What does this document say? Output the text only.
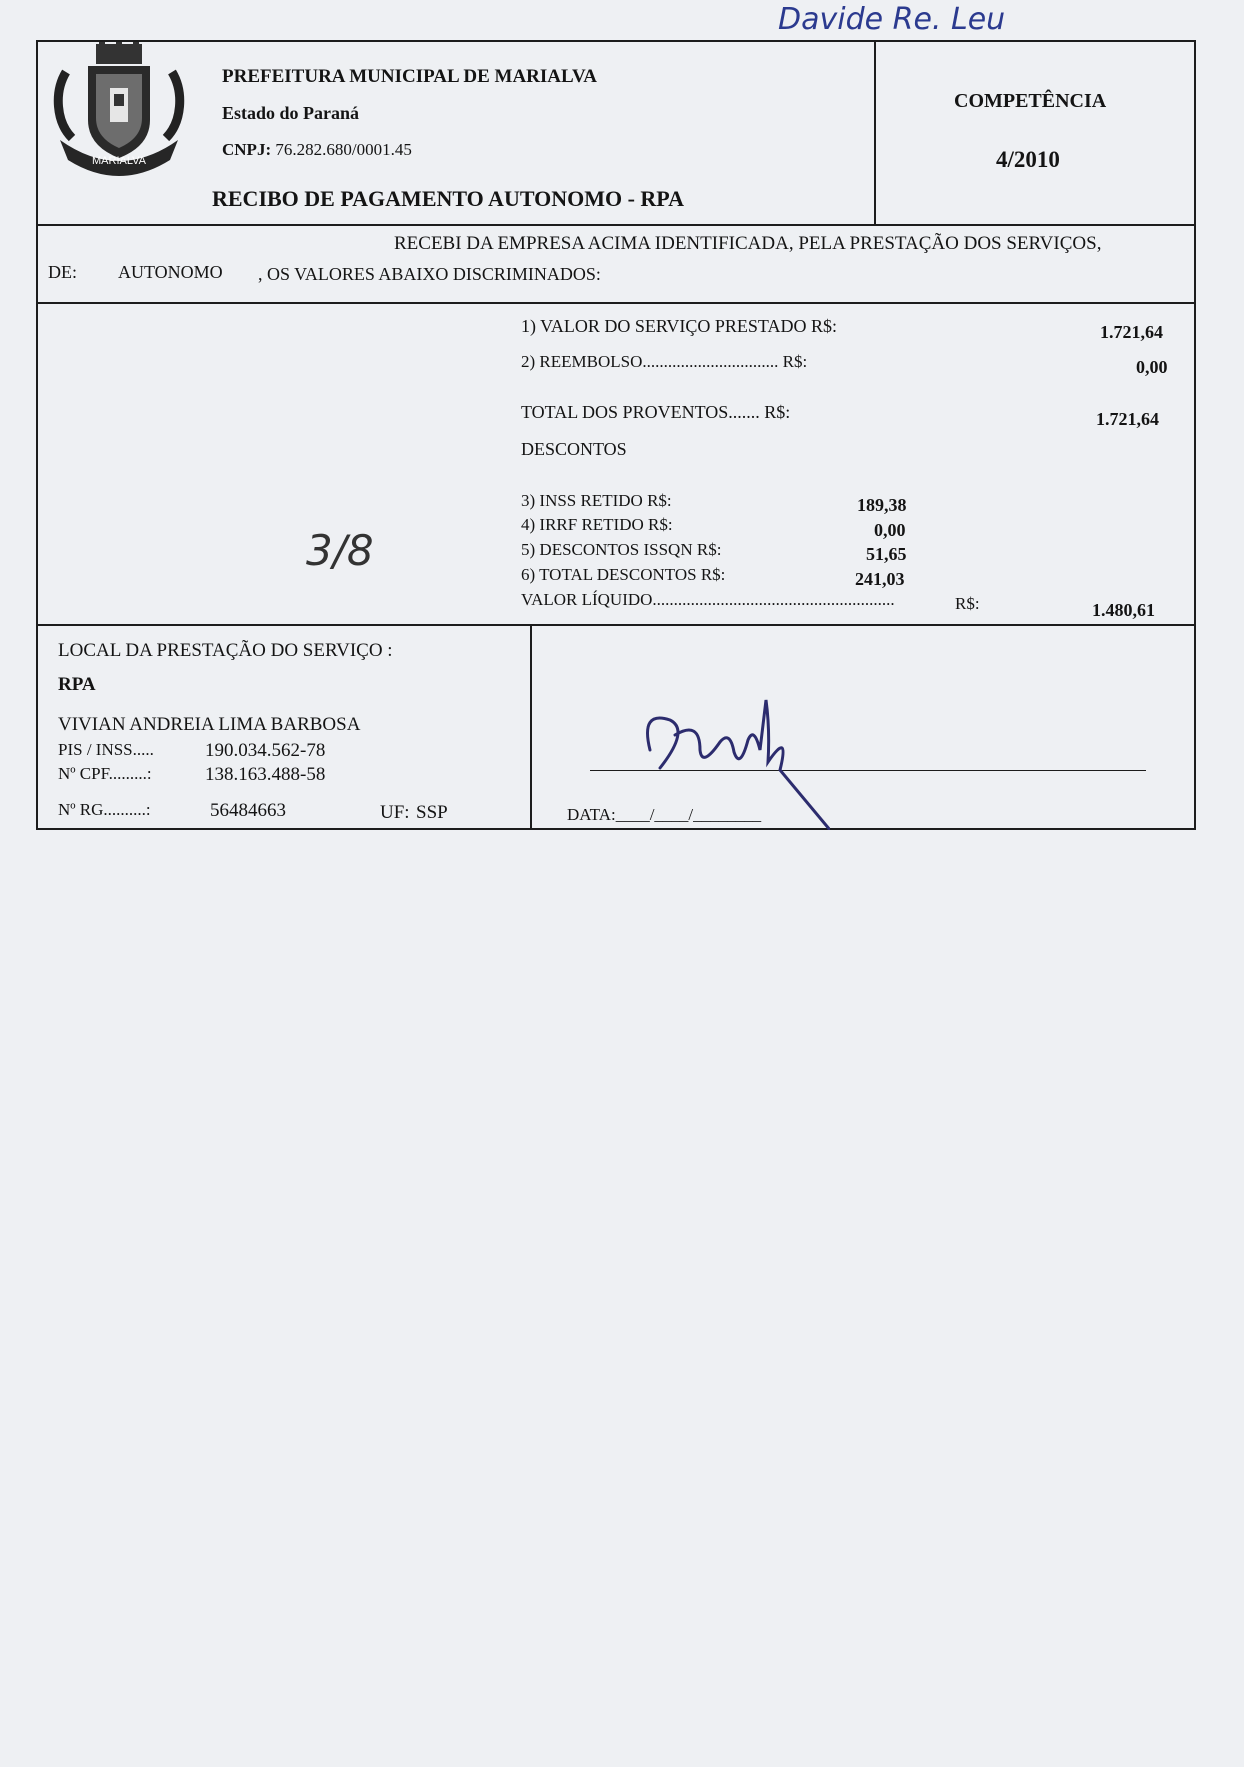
Davide Re. Leu
MARIALVA
PREFEITURA MUNICIPAL DE MARIALVA
Estado do Paraná
CNPJ: 76.282.680/0001.45
RECIBO DE PAGAMENTO AUTONOMO - RPA
COMPETÊNCIA
4/2010
RECEBI DA EMPRESA ACIMA IDENTIFICADA, PELA PRESTAÇÃO DOS SERVIÇOS,
DE: AUTONOMO , OS VALORES ABAIXO DISCRIMINADOS:
1) VALOR DO SERVIÇO PRESTADO R$:	1.721,64
2) REEMBOLSO................................ R$:	0,00
TOTAL DOS PROVENTOS....... R$:	1.721,64
DESCONTOS
3) INSS RETIDO R$:	189,38
4) IRRF RETIDO R$:	0,00
5) DESCONTOS ISSQN R$:	51,65
6) TOTAL DESCONTOS R$:	241,03
VALOR LÍQUIDO.........................................................	R$:	1.480,61
3/8
LOCAL DA PRESTAÇÃO DO SERVIÇO :
RPA
VIVIAN ANDREIA LIMA BARBOSA
PIS / INSS.....	190.034.562-78
Nº CPF.........:	138.163.488-58
Nº RG..........:	56484663	UF: SSP	DATA:____/____/________
